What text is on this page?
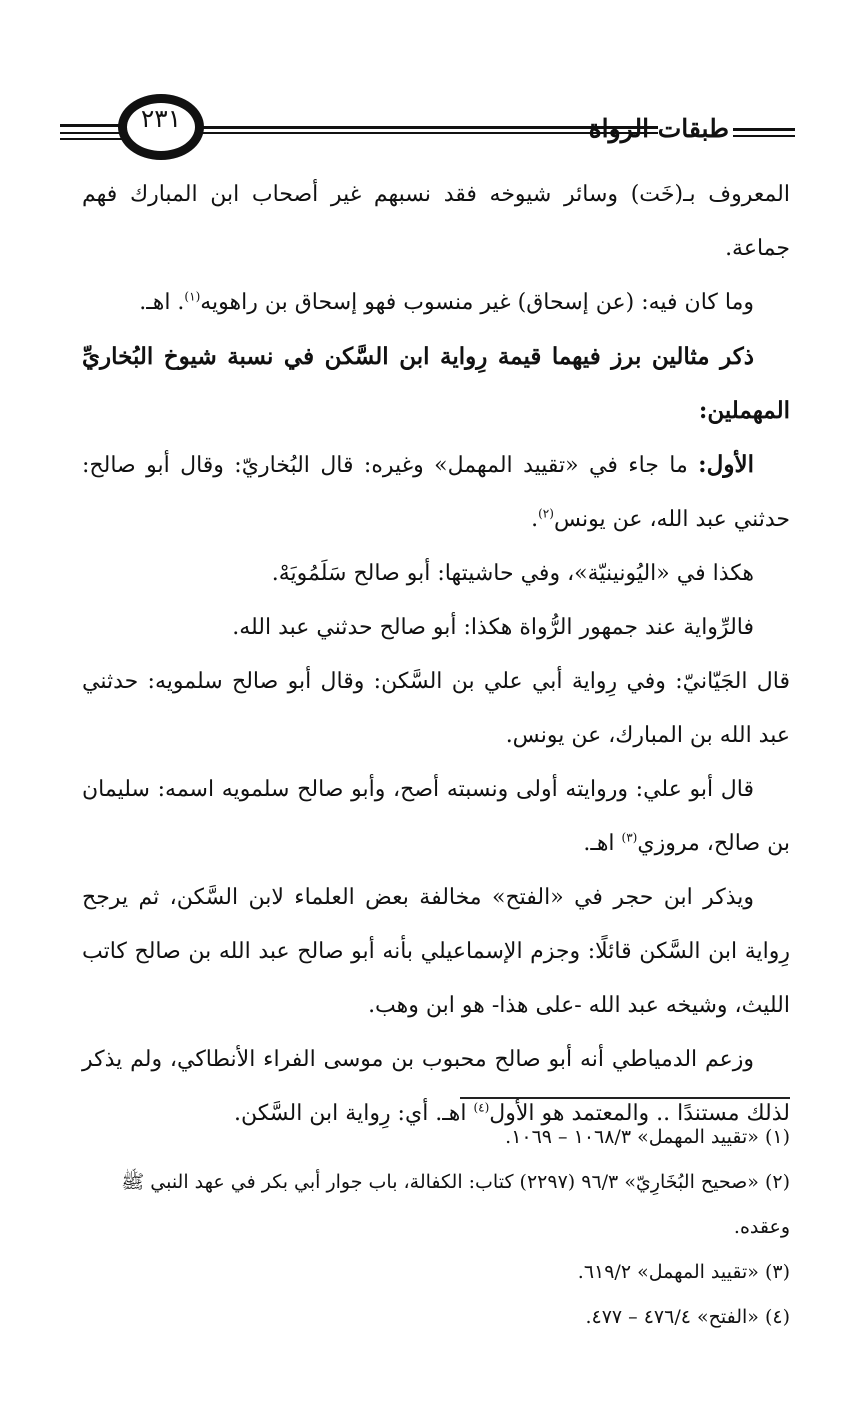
طبقات الرواة
٢٣١

المعروف بـ(خَت) وسائر شيوخه فقد نسبهم غير أصحاب ابن المبارك فهم جماعة.

وما كان فيه: (عن إسحاق) غير منسوب فهو إسحاق بن راهويه$^{(١)}$. اهـ.

ذكر مثالين برز فيهما قيمة رِواية ابن السَّكن في نسبة شيوخ البُخاريِّ المهملين:

الأول: ما جاء في «تقييد المهمل» وغيره: قال البُخاريّ: وقال أبو صالح: حدثني عبد الله، عن يونس$^{(٢)}$.

هكذا في «اليُونينيّة»، وفي حاشيتها: أبو صالح سَلَمُويَهْ.

فالرِّواية عند جمهور الرُّواة هكذا: أبو صالح حدثني عبد الله.

قال الجَيّانيّ: وفي رِواية أبي علي بن السَّكن: وقال أبو صالح سلمويه: حدثني عبد الله بن المبارك، عن يونس.

قال أبو علي: وروايته أولى ونسبته أصح، وأبو صالح سلمويه اسمه: سليمان بن صالح، مروزي$^{(٣)}$ اهـ.

ويذكر ابن حجر في «الفتح» مخالفة بعض العلماء لابن السَّكن، ثم يرجح رِواية ابن السَّكن قائلًا: وجزم الإسماعيلي بأنه أبو صالح عبد الله بن صالح كاتب الليث، وشيخه عبد الله -على هذا- هو ابن وهب.

وزعم الدمياطي أنه أبو صالح محبوب بن موسى الفراء الأنطاكي، ولم يذكر لذلك مستندًا .. والمعتمد هو الأول$^{(٤)}$ اهـ. أي: رِواية ابن السَّكن.

(١) «تقييد المهمل» ١٠٦٨/٣ – ١٠٦٩.

(٢) «صحيح البُخَارِيّ» ٩٦/٣ (٢٢٩٧) كتاب: الكفالة، باب جوار أبي بكر في عهد النبي ﷺ وعقده.

(٣) «تقييد المهمل» ٦١٩/٢.

(٤) «الفتح» ٤٧٦/٤ – ٤٧٧.
